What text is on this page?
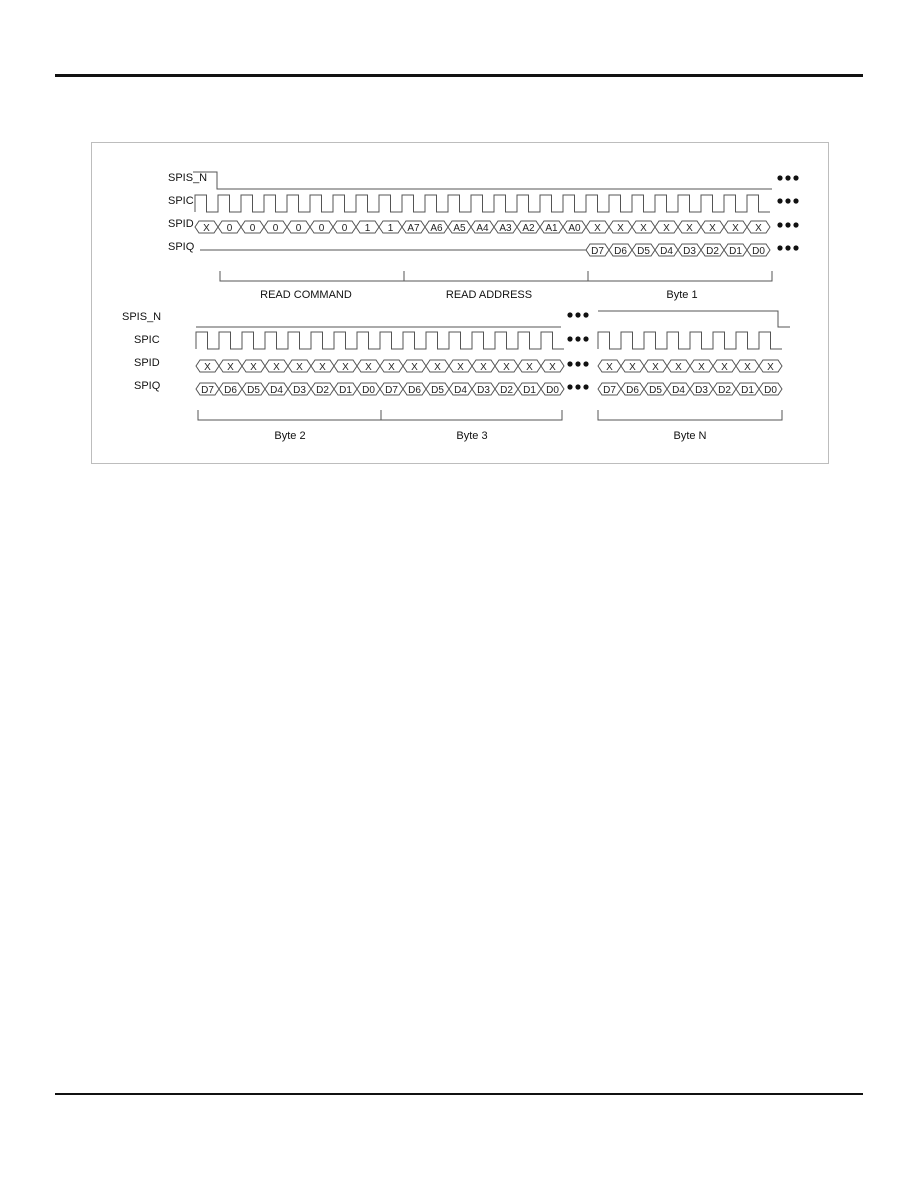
SPIS_N
SPIC
SPID
SPIQ
SPIS_N
SPIC
SPID
SPIQ
X 0 0 0 0 0 0 1 1 A7 A6 A5 A4 A3 A2 A1 A0 X X X X X X X X
D7 D6 D5 D4 D3 D2 D1 D0
X X X X X X X X X X X X X X X X	X X X X X X X X
D7 D6 D5 D4 D3 D2 D1 D0 D7 D6 D5 D4 D3 D2 D1 D0	D7 D6 D5 D4 D3 D2 D1 D0
READ COMMAND	READ ADDRESS	Byte 1
Byte 2	Byte 3	Byte N
